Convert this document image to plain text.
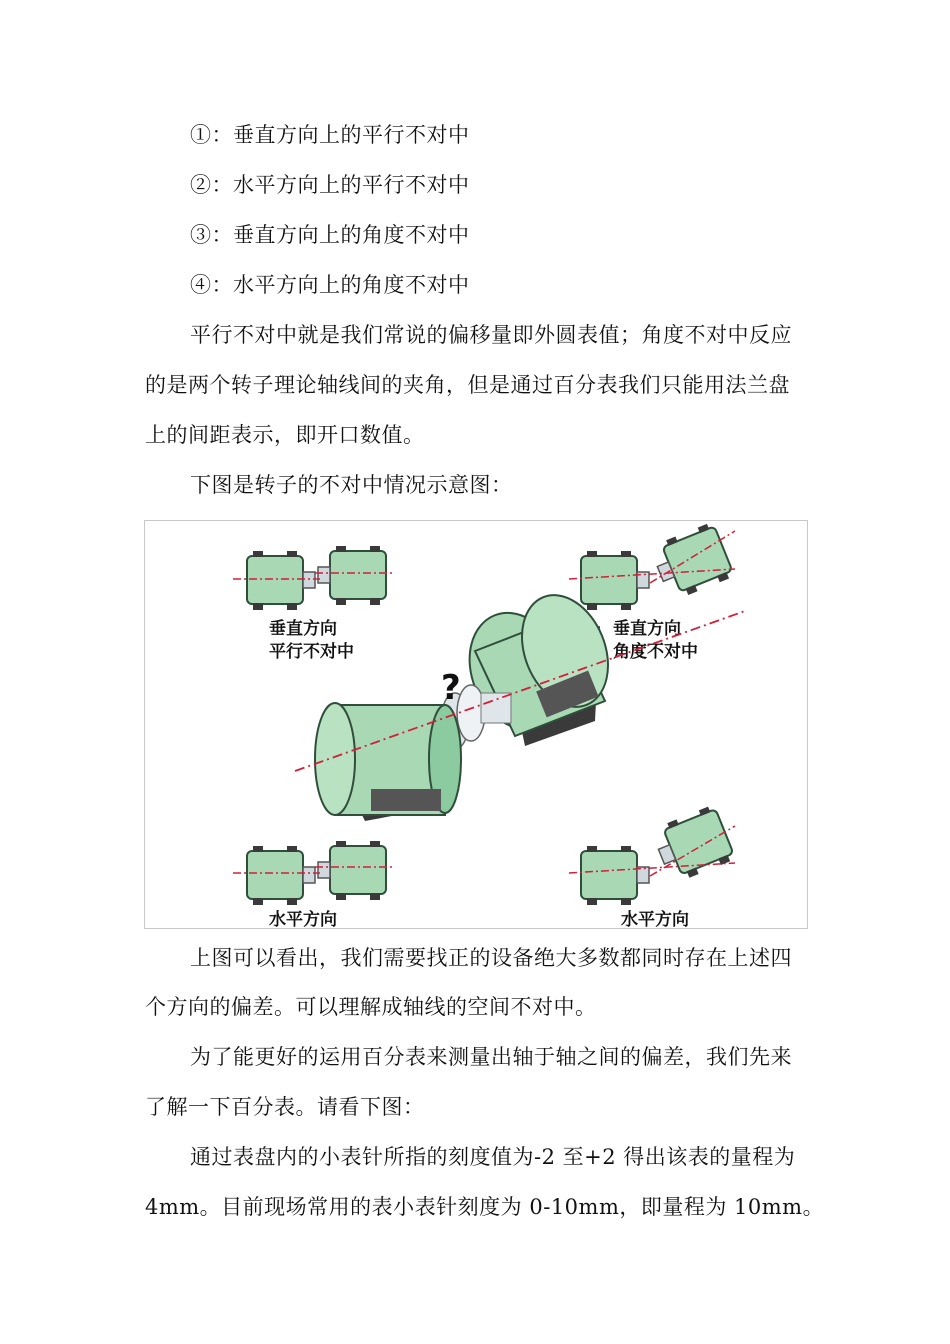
①：垂直方向上的平行不对中
②：水平方向上的平行不对中
③：垂直方向上的角度不对中
④：水平方向上的角度不对中
平行不对中就是我们常说的偏移量即外圆表值；角度不对中反应
的是两个转子理论轴线间的夹角，但是通过百分表我们只能用法兰盘
上的间距表示，即开口数值。
下图是转子的不对中情况示意图：
垂直方向
平行不对中
垂直方向
角度不对中
?
水平方向	水平方向
上图可以看出，我们需要找正的设备绝大多数都同时存在上述四
个方向的偏差。可以理解成轴线的空间不对中。
为了能更好的运用百分表来测量出轴于轴之间的偏差，我们先来
了解一下百分表。请看下图：
通过表盘内的小表针所指的刻度值为-2 至+2 得出该表的量程为
4mm。目前现场常用的表小表针刻度为 0-10mm，即量程为 10mm。
